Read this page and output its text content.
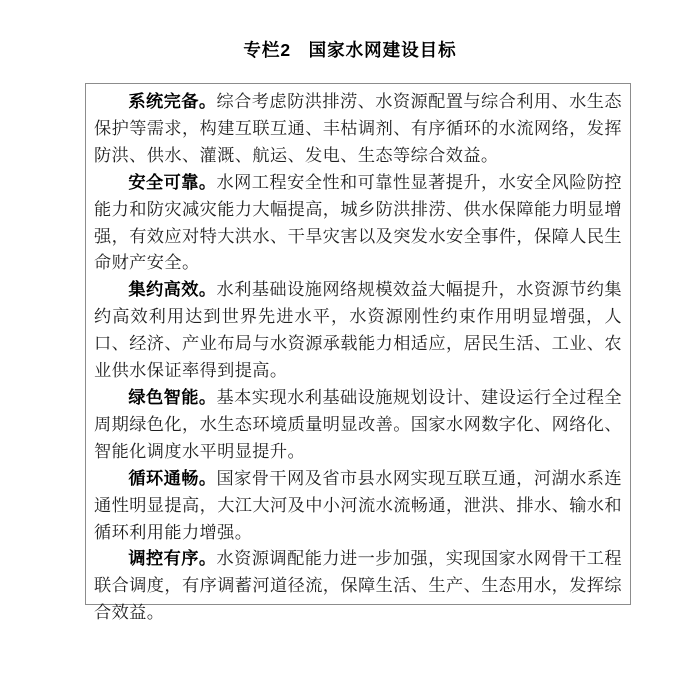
专栏2 国家水网建设目标

系统完备。综合考虑防洪排涝、水资源配置与综合利用、水生态保护等需求，构建互联互通、丰枯调剂、有序循环的水流网络，发挥防洪、供水、灌溉、航运、发电、生态等综合效益。

安全可靠。水网工程安全性和可靠性显著提升，水安全风险防控能力和防灾减灾能力大幅提高，城乡防洪排涝、供水保障能力明显增强，有效应对特大洪水、干旱灾害以及突发水安全事件，保障人民生命财产安全。

集约高效。水利基础设施网络规模效益大幅提升，水资源节约集约高效利用达到世界先进水平，水资源刚性约束作用明显增强，人口、经济、产业布局与水资源承载能力相适应，居民生活、工业、农业供水保证率得到提高。

绿色智能。基本实现水利基础设施规划设计、建设运行全过程全周期绿色化，水生态环境质量明显改善。国家水网数字化、网络化、智能化调度水平明显提升。

循环通畅。国家骨干网及省市县水网实现互联互通，河湖水系连通性明显提高，大江大河及中小河流水流畅通，泄洪、排水、输水和循环利用能力增强。

调控有序。水资源调配能力进一步加强，实现国家水网骨干工程联合调度，有序调蓄河道径流，保障生活、生产、生态用水，发挥综合效益。
